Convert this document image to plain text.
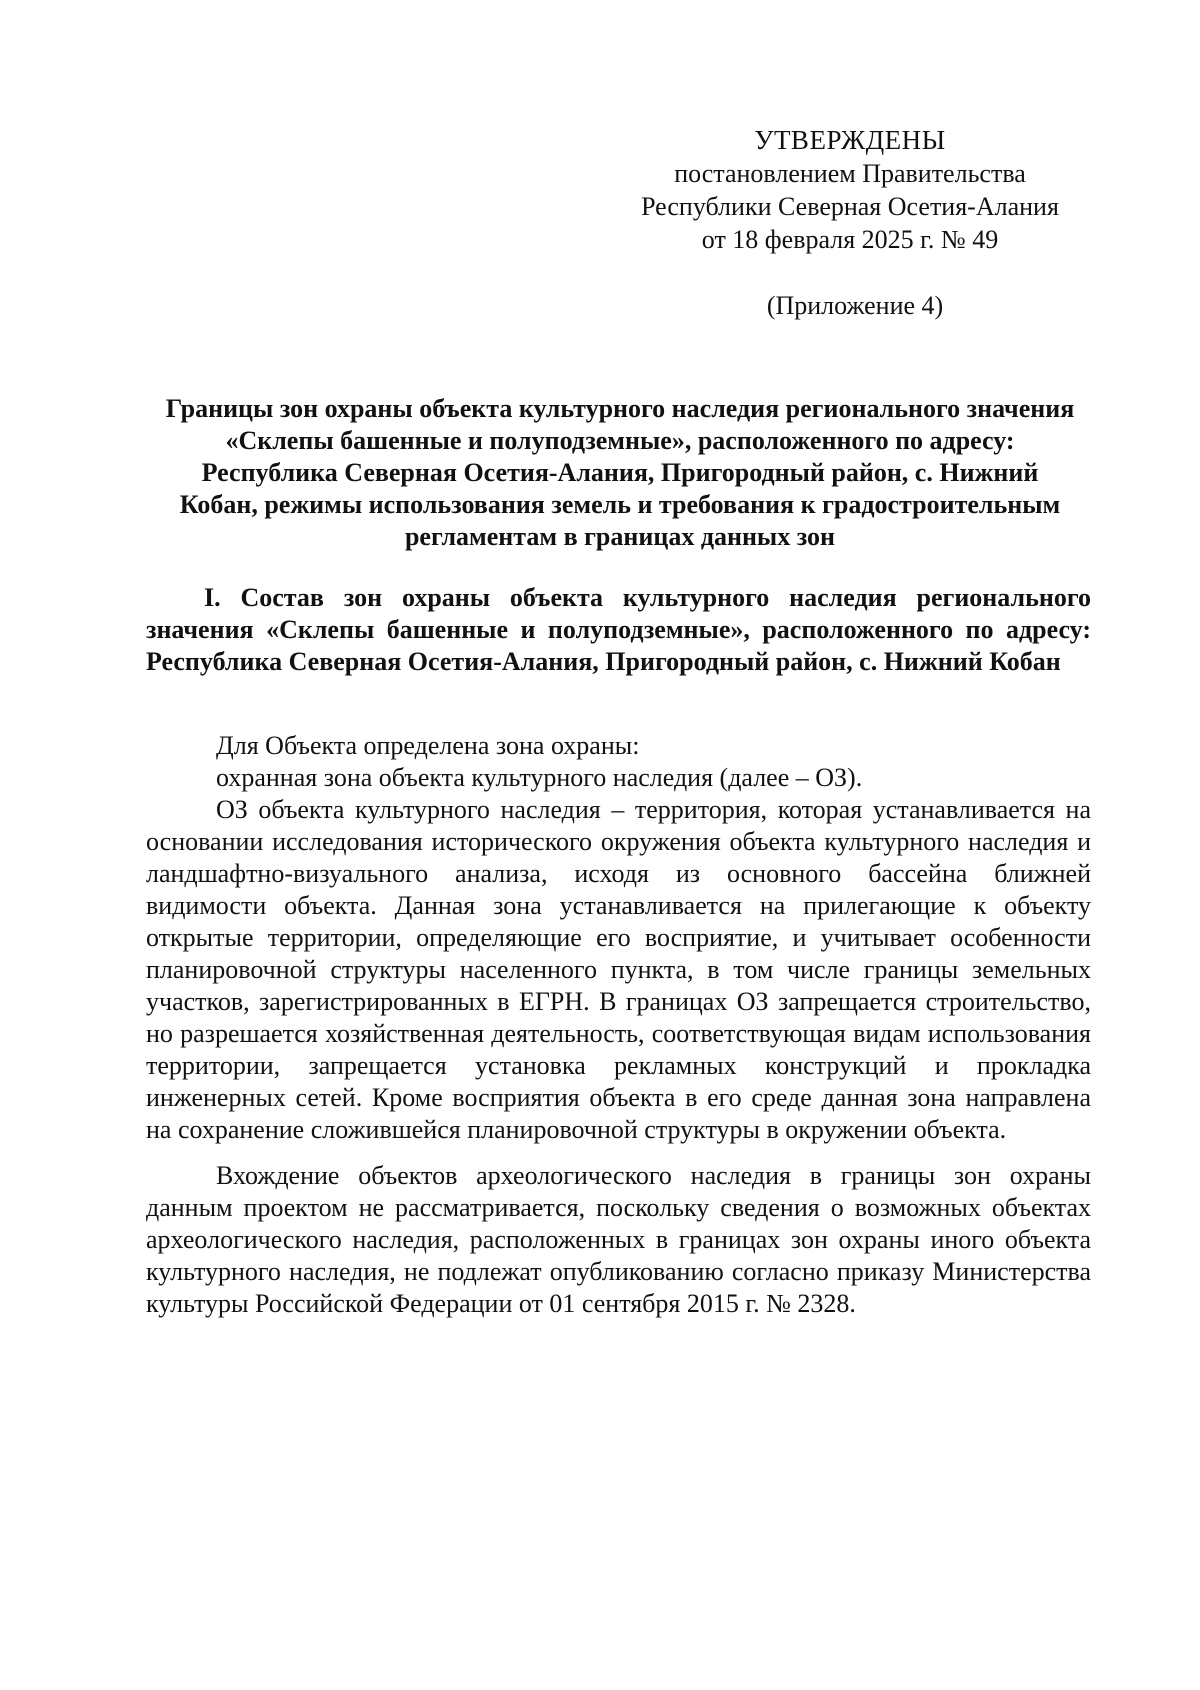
УТВЕРЖДЕНЫ
постановлением Правительства
Республики Северная Осетия-Алания
от 18 февраля 2025 г. № 49
(Приложение 4)
Границы зон охраны объекта культурного наследия регионального значения «Склепы башенные и полуподземные», расположенного по адресу: Республика Северная Осетия-Алания, Пригородный район, с. Нижний Кобан, режимы использования земель и требования к градостроительным регламентам в границах данных зон
I. Состав зон охраны объекта культурного наследия регионального значения «Склепы башенные и полуподземные», расположенного по адресу: Республика Северная Осетия-Алания, Пригородный район, с. Нижний Кобан

Для Объекта определена зона охраны:

охранная зона объекта культурного наследия (далее – ОЗ).

ОЗ объекта культурного наследия – территория, которая устанавливается на основании исследования исторического окружения объекта культурного наследия и ландшафтно-визуального анализа, исходя из основного бассейна ближней видимости объекта. Данная зона устанавливается на прилегающие к объекту открытые территории, определяющие его восприятие, и учитывает особенности планировочной структуры населенного пункта, в том числе границы земельных участков, зарегистрированных в ЕГРН. В границах ОЗ запрещается строительство, но разрешается хозяйственная деятельность, соответствующая видам использования территории, запрещается установка рекламных конструкций и прокладка инженерных сетей. Кроме восприятия объекта в его среде данная зона направлена на сохранение сложившейся планировочной структуры в окружении объекта.

Вхождение объектов археологического наследия в границы зон охраны данным проектом не рассматривается, поскольку сведения о возможных объектах археологического наследия, расположенных в границах зон охраны иного объекта культурного наследия, не подлежат опубликованию согласно приказу Министерства культуры Российской Федерации от 01 сентября 2015 г. № 2328.
